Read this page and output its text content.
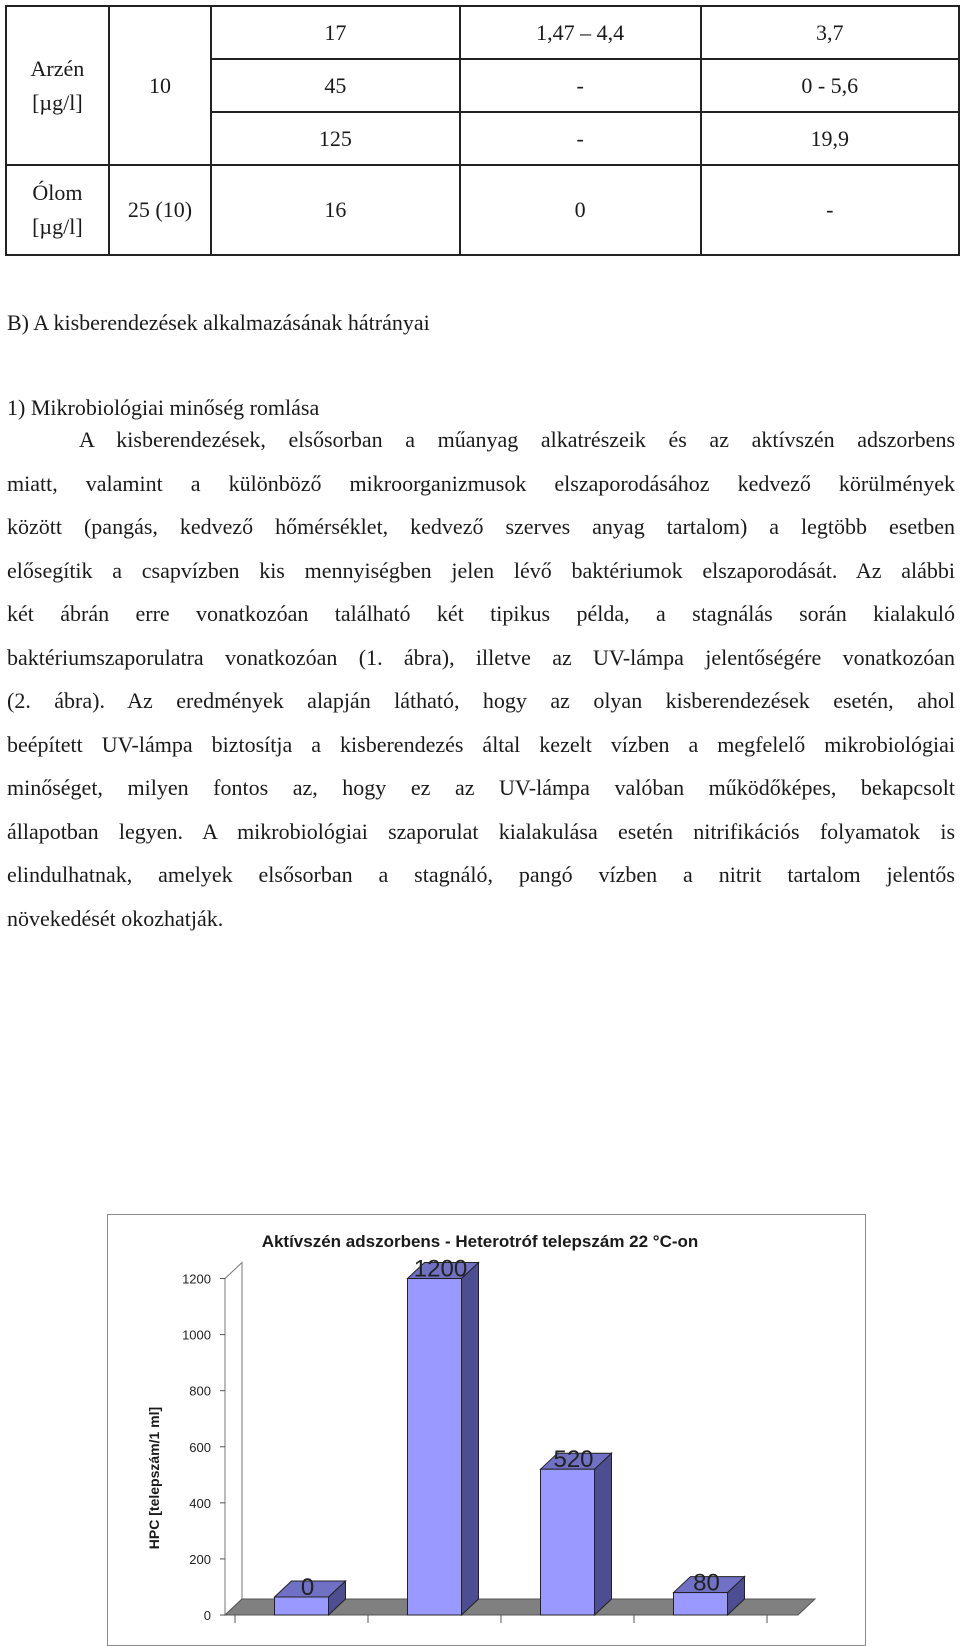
Arzén
[µg/l]	10	17	1,47 – 4,4	3,7
		45	-	0 - 5,6
		125	-	19,9
Ólom
[µg/l]	25 (10)	16	0	-
B) A kisberendezések alkalmazásának hátrányai
1) Mikrobiológiai minőség romlása
A kisberendezések, elsősorban a műanyag alkatrészeik és az aktívszén adszorbens
miatt, valamint a különböző mikroorganizmusok elszaporodásához kedvező körülmények
között (pangás, kedvező hőmérséklet, kedvező szerves anyag tartalom) a legtöbb esetben
elősegítik a csapvízben kis mennyiségben jelen lévő baktériumok elszaporodását. Az alábbi
két ábrán erre vonatkozóan található két tipikus példa, a stagnálás során kialakuló
baktériumszaporulatra vonatkozóan (1. ábra), illetve az UV-lámpa jelentőségére vonatkozóan
(2. ábra). Az eredmények alapján látható, hogy az olyan kisberendezések esetén, ahol
beépített UV-lámpa biztosítja a kisberendezés által kezelt vízben a megfelelő mikrobiológiai
minőséget, milyen fontos az, hogy ez az UV-lámpa valóban működőképes, bekapcsolt
állapotban legyen. A mikrobiológiai szaporulat kialakulása esetén nitrifikációs folyamatok is
elindulhatnak, amelyek elsősorban a stagnáló, pangó vízben a nitrit tartalom jelentős
növekedését okozhatják.
Aktívszén adszorbens - Heterotróf telepszám 22 °C-on
HPC [telepszám/1 ml]
0
200
400
600
800
1000
1200
0
1200
520
80
